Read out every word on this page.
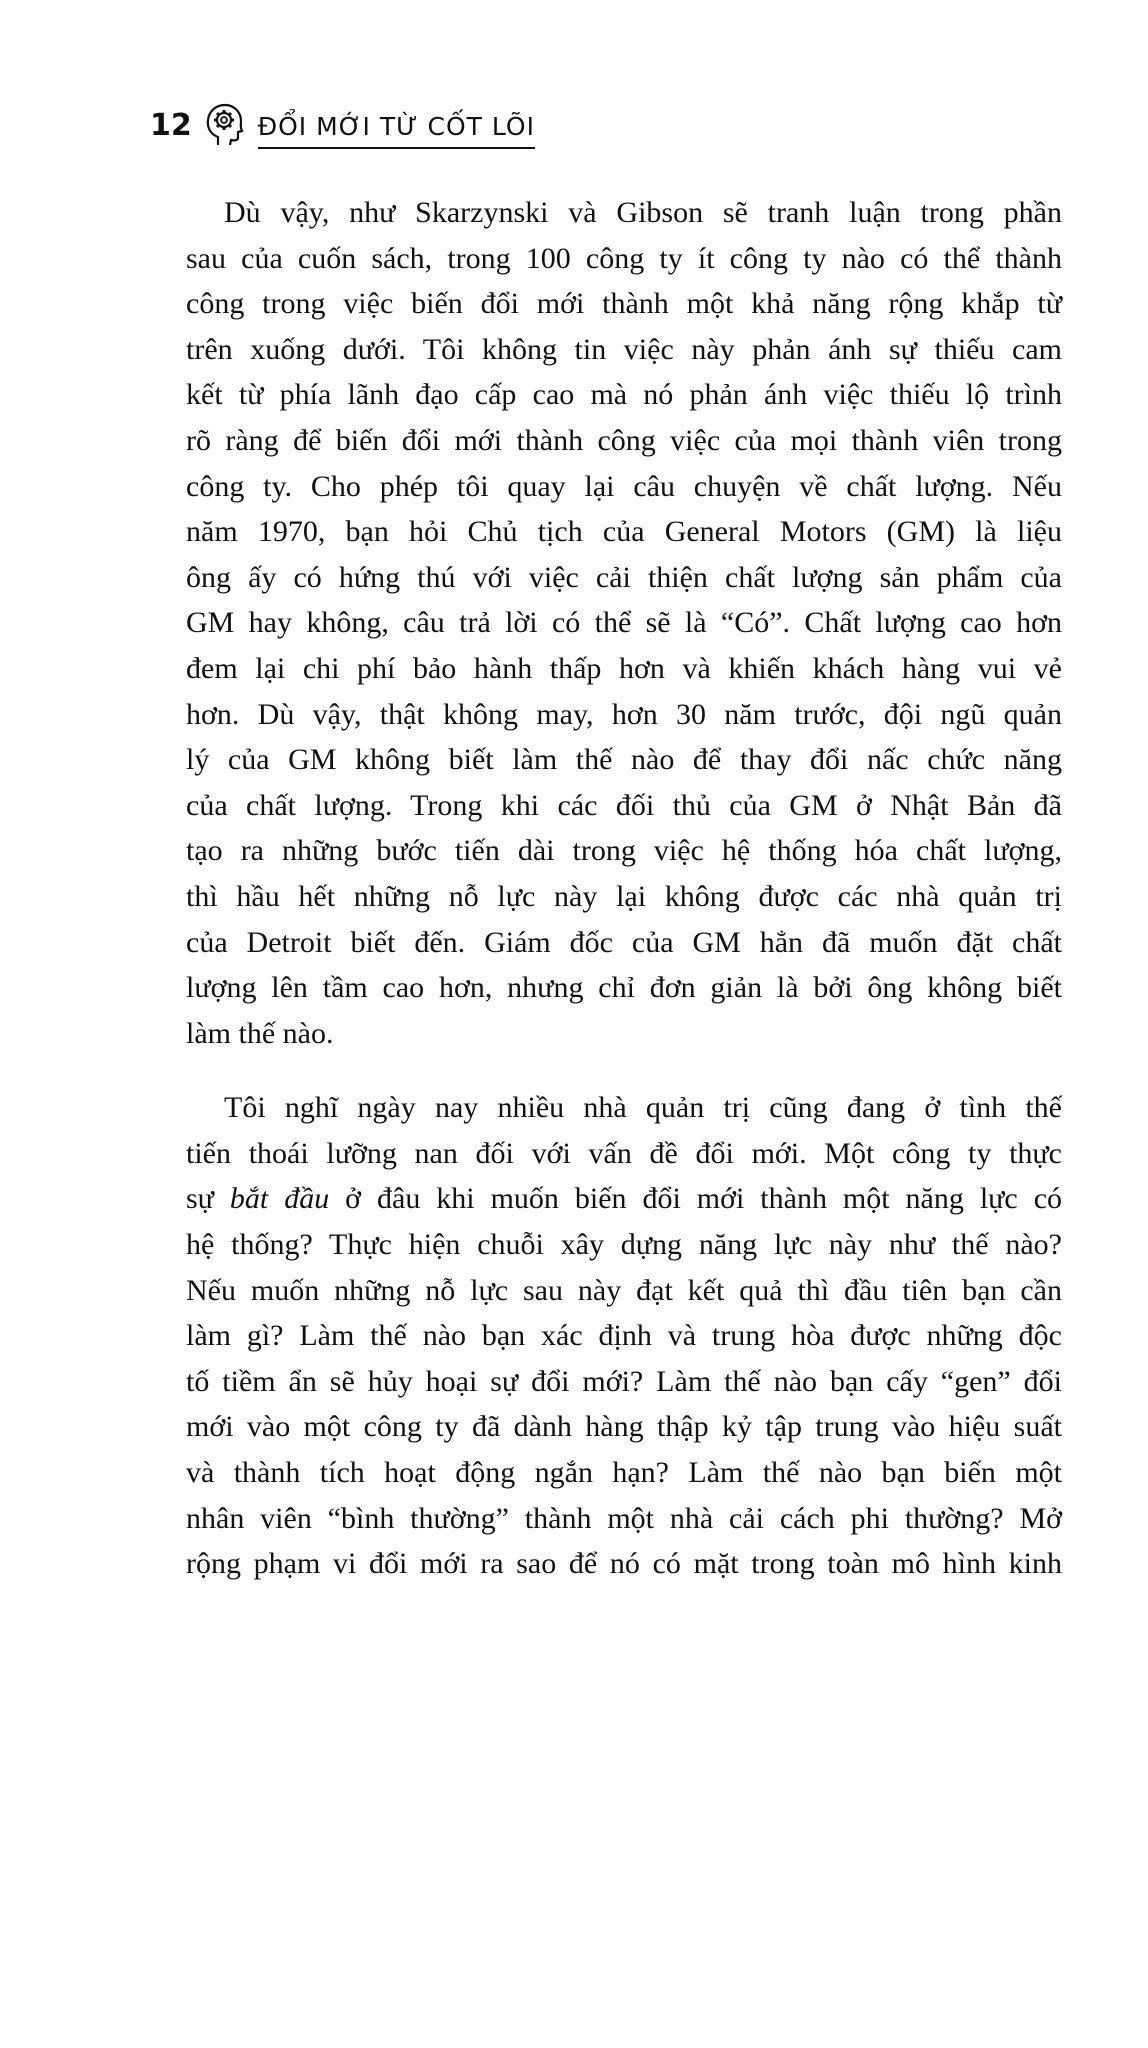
12	ĐỔI MỚI TỪ CỐT LÕI
Dù vậy, như Skarzynski và Gibson sẽ tranh luận trong phần
sau của cuốn sách, trong 100 công ty ít công ty nào có thể thành
công trong việc biến đổi mới thành một khả năng rộng khắp từ
trên xuống dưới. Tôi không tin việc này phản ánh sự thiếu cam
kết từ phía lãnh đạo cấp cao mà nó phản ánh việc thiếu lộ trình
rõ ràng để biến đổi mới thành công việc của mọi thành viên trong
công ty. Cho phép tôi quay lại câu chuyện về chất lượng. Nếu
năm 1970, bạn hỏi Chủ tịch của General Motors (GM) là liệu
ông ấy có hứng thú với việc cải thiện chất lượng sản phẩm của
GM hay không, câu trả lời có thể sẽ là “Có”. Chất lượng cao hơn
đem lại chi phí bảo hành thấp hơn và khiến khách hàng vui vẻ
hơn. Dù vậy, thật không may, hơn 30 năm trước, đội ngũ quản
lý của GM không biết làm thế nào để thay đổi nấc chức năng
của chất lượng. Trong khi các đối thủ của GM ở Nhật Bản đã
tạo ra những bước tiến dài trong việc hệ thống hóa chất lượng,
thì hầu hết những nỗ lực này lại không được các nhà quản trị
của Detroit biết đến. Giám đốc của GM hẳn đã muốn đặt chất
lượng lên tầm cao hơn, nhưng chỉ đơn giản là bởi ông không biết
làm thế nào.
Tôi nghĩ ngày nay nhiều nhà quản trị cũng đang ở tình thế
tiến thoái lưỡng nan đối với vấn đề đổi mới. Một công ty thực
sự bắt đầu ở đâu khi muốn biến đổi mới thành một năng lực có
hệ thống? Thực hiện chuỗi xây dựng năng lực này như thế nào?
Nếu muốn những nỗ lực sau này đạt kết quả thì đầu tiên bạn cần
làm gì? Làm thế nào bạn xác định và trung hòa được những độc
tố tiềm ẩn sẽ hủy hoại sự đổi mới? Làm thế nào bạn cấy “gen” đổi
mới vào một công ty đã dành hàng thập kỷ tập trung vào hiệu suất
và thành tích hoạt động ngắn hạn? Làm thế nào bạn biến một
nhân viên “bình thường” thành một nhà cải cách phi thường? Mở
rộng phạm vi đổi mới ra sao để nó có mặt trong toàn mô hình kinh
